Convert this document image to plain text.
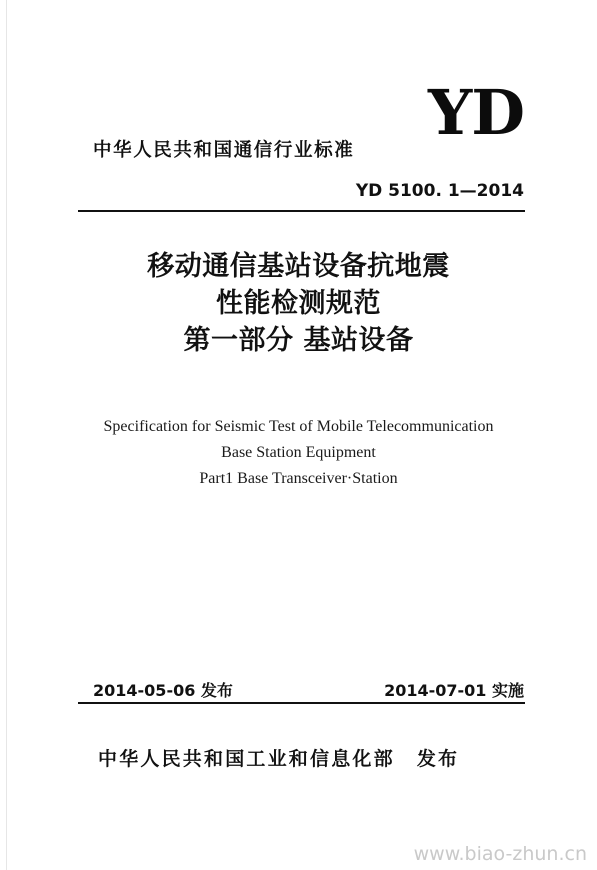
YD
中华人民共和国通信行业标准
YD 5100. 1—2014
移动通信基站设备抗地震
性能检测规范
第一部分 基站设备
Specification for Seismic Test of Mobile Telecommunication
Base Station Equipment
Part1 Base Transceiver·Station
2014-05-06 发布	2014-07-01 实施
中华人民共和国工业和信息化部 发布
www.biao-zhun.cn
